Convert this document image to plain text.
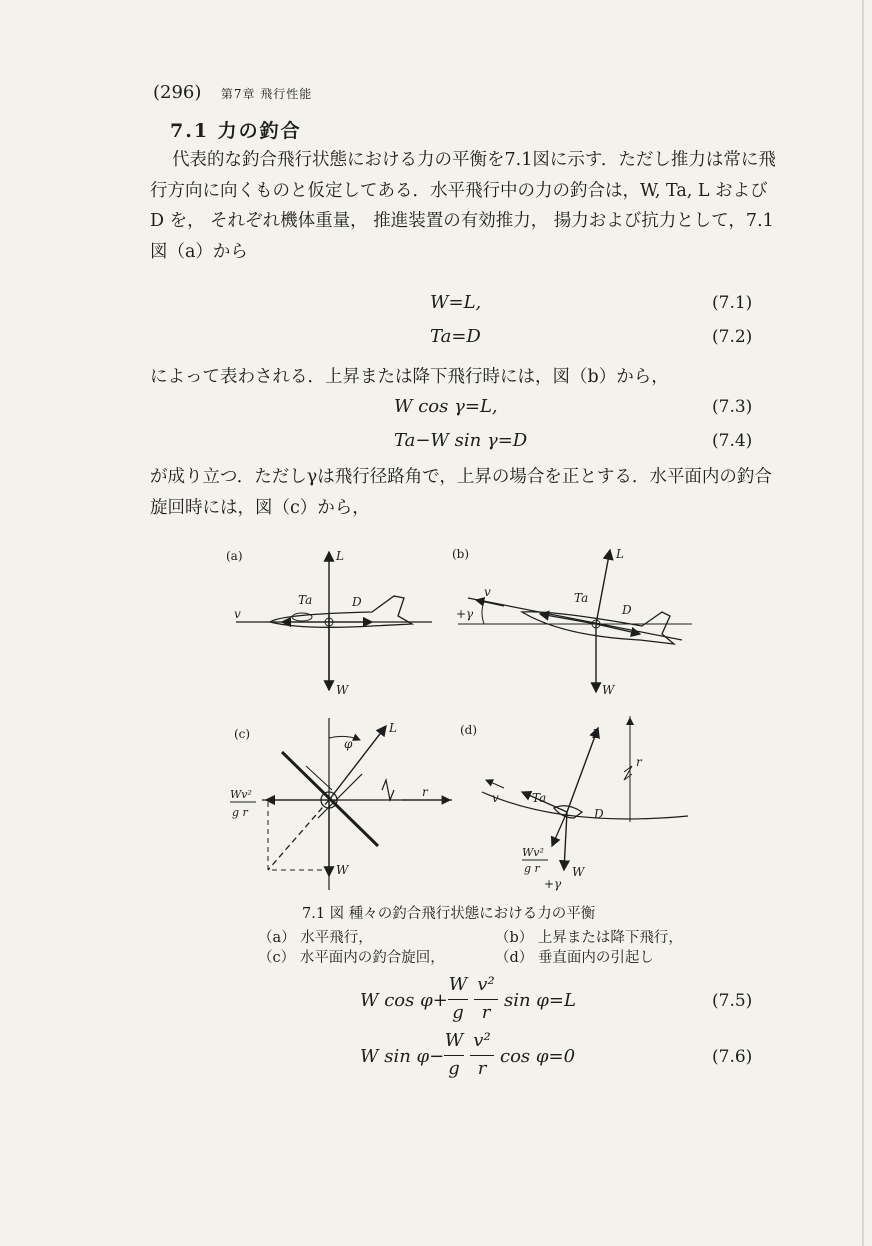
(296) 第7章 飛行性能
7.1 力の釣合
代表的な釣合飛行状態における力の平衡を7.1図に示す．ただし推力は常に飛行方向に向くものと仮定してある．水平飛行中の力の釣合は，W, Ta, L および D を， それぞれ機体重量， 推進装置の有効推力， 揚力および抗力として，7.1 図（a）から
W=L,	(7.1)
Ta=D	(7.2)
によって表わされる．上昇または降下飛行時には，図（b）から，
W cos γ=L,	(7.3)
Ta−W sin γ=D	(7.4)
が成り立つ．ただしγは飛行径路角で，上昇の場合を正とする．水平面内の釣合旋回時には，図（c）から，
(a)	L
W
v
Ta	D
(b)	L
W
v
+γ
Ta
D
(c)	L
W
φ
r
Wv²
g r
(d)	L
W
v	Ta
D
r
+γ
Wv²
g r
7.1 図 種々の釣合飛行状態における力の平衡
（a） 水平飛行，	（b） 上昇または降下飛行，
（c） 水平面内の釣合旋回，	（d） 垂直面内の引起し
W cos φ+
W
g
v²
r
sin φ=L	(7.5)
W sin φ−
W
g
v²
r
cos φ=0	(7.6)
